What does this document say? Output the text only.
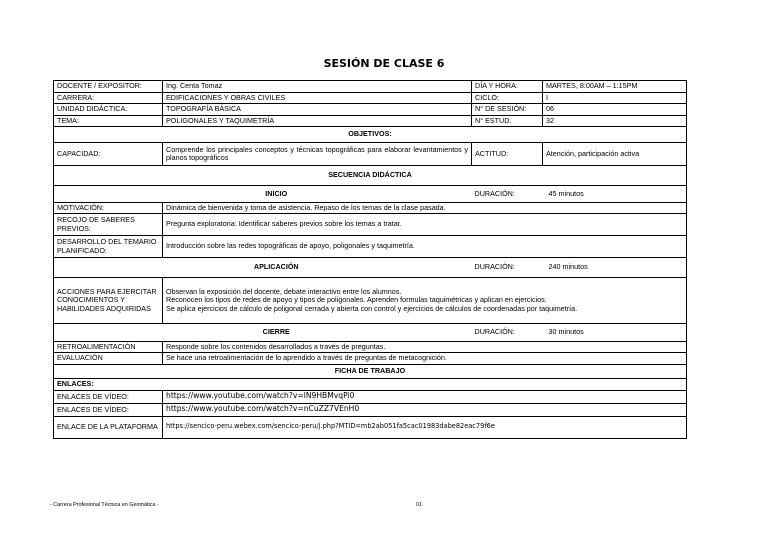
SESIÓN DE CLASE 6
DOCENTE / EXPOSITOR:	Ing. Centa Tomaz	DÍA Y HORA:	MARTES, 8:00AM – 1:15PM
CARRERA:	EDIFICACIONES Y OBRAS CIVILES	CICLO:	I
UNIDAD DIDÁCTICA:	TOPOGRAFÍA BÁSICA	N° DE SESIÓN:	06
TEMA:	POLIGONALES Y TAQUIMETRÍA	N° ESTUD.	32
OBJETIVOS:			
CAPACIDAD:	Comprende los principales conceptos y técnicas topográficas para elaborar levantamientos y planos topográficos	ACTITUD:	Atención, participación activa
SECUENCIA DIDÁCTICA			
INICIO		DURACIÓN:	45 minutos
MOTIVACIÓN:	Dinámica de bienvenida y toma de asistencia. Repaso de los temas de la clase pasada.		
RECOJO DE SABERES PREVIOS:	Pregunta exploratoria: Identificar saberes previos sobre los temas a tratar.		
DESARROLLO DEL TEMARIO PLANIFICADO:	Introducción sobre las redes topográficas de apoyo, poligonales y taquimetría.		
APLICACIÓN		DURACIÓN:	240 minutos
ACCIONES PARA EJERCITAR CONOCIMIENTOS Y HABILIDADES ADQUIRIDAS	Observan la exposición del docente, debate interactivo entre los alumnos.
Reconocen los tipos de redes de apoyo y tipos de poligonales. Aprenden formulas taquimétricas y aplican en ejercicios.
Se aplica ejercicios de cálculo de poligonal cerrada y abierta con control y ejercicios de cálculos de coordenadas por taquimetría.		

CIERRE		DURACIÓN:	30 minutos
RETROALIMENTACIÓN	Responde sobre los contenidos desarrollados a través de preguntas.		
EVALUACIÓN	Se hace una retroalimentación de lo aprendido a través de preguntas de metacognición.		
FICHA DE TRABAJO			
ENLACES:			
ENLACES DE VÍDEO:	https://www.youtube.com/watch?v=lN9HBMvqPi0		
ENLACES DE VÍDEO:	https://www.youtube.com/watch?v=nCuZZ7VEnH0		
ENLACE DE LA PLATAFORMA	https://sencico-peru.webex.com/sencico-peru/j.php?MTID=mb2ab051fa5cac01983dabe82eac79f6e		
- Carrera Profesional Técnica en Geomática -	01
